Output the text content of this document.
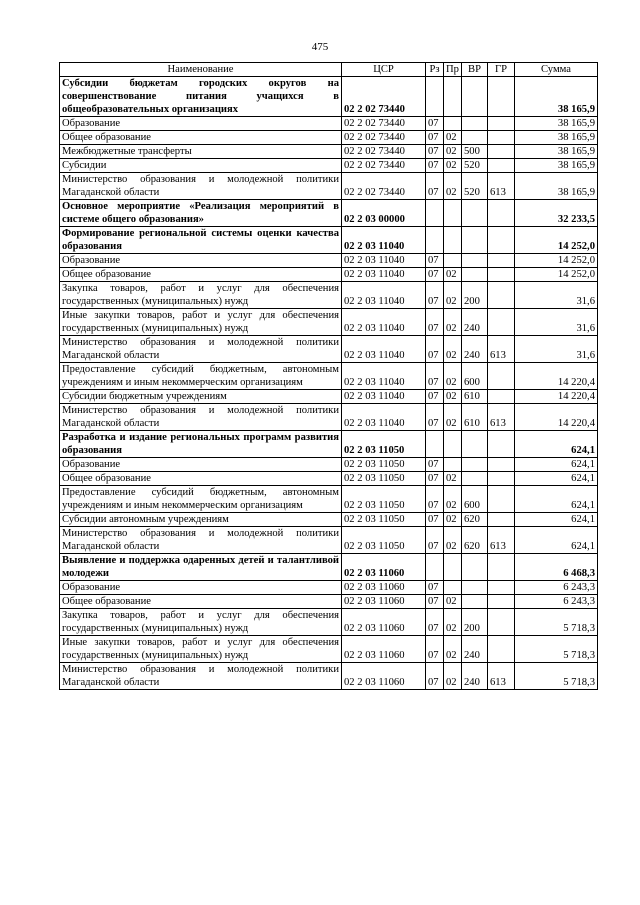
475
Наименование	ЦСР	Рз	Пр	ВР	ГР	Сумма
Субсидии бюджетам городских округов на совершенствование питания учащихся в общеобразовательных организациях	02 2 02 73440					38 165,9
Образование	02 2 02 73440	07				38 165,9
Общее образование	02 2 02 73440	07	02			38 165,9
Межбюджетные трансферты	02 2 02 73440	07	02	500		38 165,9
Субсидии	02 2 02 73440	07	02	520		38 165,9
Министерство образования и молодежной политики Магаданской области	02 2 02 73440	07	02	520	613	38 165,9
Основное мероприятие «Реализация мероприятий в системе общего образования»	02 2 03 00000					32 233,5
Формирование региональной системы оценки качества образования	02 2 03 11040					14 252,0
Образование	02 2 03 11040	07				14 252,0
Общее образование	02 2 03 11040	07	02			14 252,0
Закупка товаров, работ и услуг для обеспечения государственных (муниципальных) нужд	02 2 03 11040	07	02	200		31,6
Иные закупки товаров, работ и услуг для обеспечения государственных (муниципальных) нужд	02 2 03 11040	07	02	240		31,6
Министерство образования и молодежной политики Магаданской области	02 2 03 11040	07	02	240	613	31,6
Предоставление субсидий бюджетным, автономным учреждениям и иным некоммерческим организациям	02 2 03 11040	07	02	600		14 220,4
Субсидии бюджетным учреждениям	02 2 03 11040	07	02	610		14 220,4
Министерство образования и молодежной политики Магаданской области	02 2 03 11040	07	02	610	613	14 220,4
Разработка и издание региональных программ развития образования	02 2 03 11050					624,1
Образование	02 2 03 11050	07				624,1
Общее образование	02 2 03 11050	07	02			624,1
Предоставление субсидий бюджетным, автономным учреждениям и иным некоммерческим организациям	02 2 03 11050	07	02	600		624,1
Субсидии автономным учреждениям	02 2 03 11050	07	02	620		624,1
Министерство образования и молодежной политики Магаданской области	02 2 03 11050	07	02	620	613	624,1
Выявление и поддержка одаренных детей и талантливой молодежи	02 2 03 11060					6 468,3
Образование	02 2 03 11060	07				6 243,3
Общее образование	02 2 03 11060	07	02			6 243,3
Закупка товаров, работ и услуг для обеспечения государственных (муниципальных) нужд	02 2 03 11060	07	02	200		5 718,3
Иные закупки товаров, работ и услуг для обеспечения государственных (муниципальных) нужд	02 2 03 11060	07	02	240		5 718,3
Министерство образования и молодежной политики Магаданской области	02 2 03 11060	07	02	240	613	5 718,3
